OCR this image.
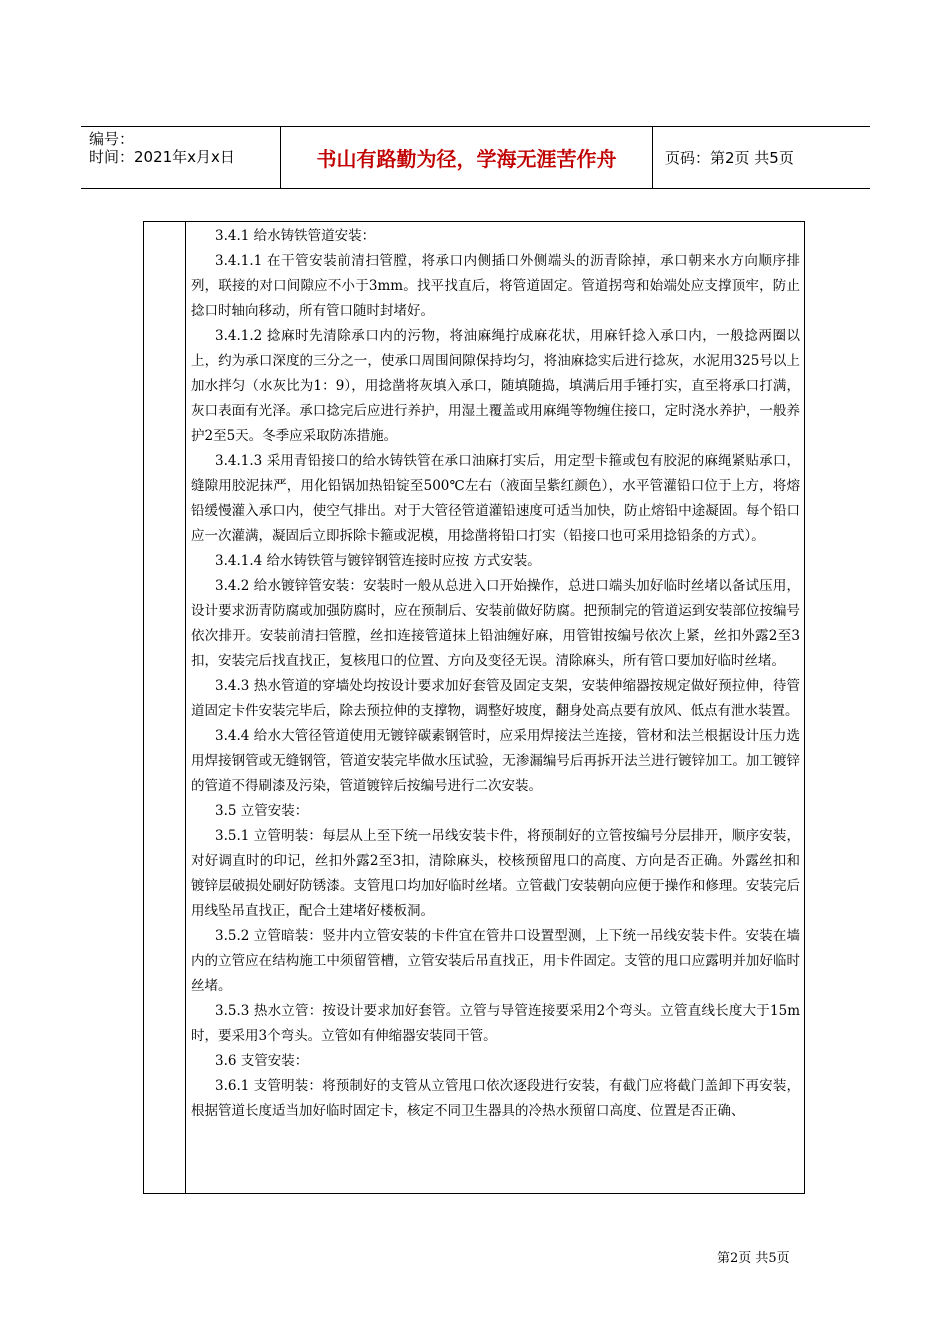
编号：
时间：2021年x月x日	书山有路勤为径，学海无涯苦作舟	页码：第2页 共5页

3.4.1 给水铸铁管道安装：

3.4.1.1 在干管安装前清扫管膛，将承口内侧插口外侧端头的沥青除掉，承口朝来水方向顺序排列，联接的对口间隙应不小于3mm。找平找直后，将管道固定。管道拐弯和始端处应支撑顶牢，防止捻口时轴向移动，所有管口随时封堵好。

3.4.1.2 捻麻时先清除承口内的污物，将油麻绳拧成麻花状，用麻钎捻入承口内，一般捻两圈以上，约为承口深度的三分之一，使承口周围间隙保持均匀，将油麻捻实后进行捻灰，水泥用325号以上加水拌匀（水灰比为1：9），用捻凿将灰填入承口，随填随捣，填满后用手锤打实，直至将承口打满，灰口表面有光泽。承口捻完后应进行养护，用湿土覆盖或用麻绳等物缠住接口，定时浇水养护，一般养护2至5天。冬季应采取防冻措施。

3.4.1.3 采用青铅接口的给水铸铁管在承口油麻打实后，用定型卡箍或包有胶泥的麻绳紧贴承口，缝隙用胶泥抹严，用化铅锅加热铅锭至500℃左右（液面呈紫红颜色），水平管灌铅口位于上方，将熔铅缓慢灌入承口内，使空气排出。对于大管径管道灌铅速度可适当加快，防止熔铅中途凝固。每个铅口应一次灌满，凝固后立即拆除卡箍或泥模，用捻凿将铅口打实（铅接口也可采用捻铅条的方式）。

3.4.1.4 给水铸铁管与镀锌钢管连接时应按 方式安装。

3.4.2 给水镀锌管安装：安装时一般从总进入口开始操作，总进口端头加好临时丝堵以备试压用，设计要求沥青防腐或加强防腐时，应在预制后、安装前做好防腐。把预制完的管道运到安装部位按编号依次排开。安装前清扫管膛，丝扣连接管道抹上铅油缠好麻，用管钳按编号依次上紧，丝扣外露2至3扣，安装完后找直找正，复核甩口的位置、方向及变径无误。清除麻头，所有管口要加好临时丝堵。

3.4.3 热水管道的穿墙处均按设计要求加好套管及固定支架，安装伸缩器按规定做好预拉伸，待管道固定卡件安装完毕后，除去预拉伸的支撑物，调整好坡度，翻身处高点要有放风、低点有泄水装置。

3.4.4 给水大管径管道使用无镀锌碳素钢管时，应采用焊接法兰连接，管材和法兰根据设计压力选用焊接钢管或无缝钢管，管道安装完毕做水压试验，无渗漏编号后再拆开法兰进行镀锌加工。加工镀锌的管道不得刷漆及污染，管道镀锌后按编号进行二次安装。

3.5 立管安装：

3.5.1 立管明装：每层从上至下统一吊线安装卡件，将预制好的立管按编号分层排开，顺序安装，对好调直时的印记，丝扣外露2至3扣，清除麻头，校核预留甩口的高度、方向是否正确。外露丝扣和镀锌层破损处刷好防锈漆。支管甩口均加好临时丝堵。立管截门安装朝向应便于操作和修理。安装完后用线坠吊直找正，配合土建堵好楼板洞。

3.5.2 立管暗装：竖井内立管安装的卡件宜在管井口设置型测，上下统一吊线安装卡件。安装在墙内的立管应在结构施工中须留管槽，立管安装后吊直找正，用卡件固定。支管的甩口应露明并加好临时丝堵。

3.5.3 热水立管：按设计要求加好套管。立管与导管连接要采用2个弯头。立管直线长度大于15m时，要采用3个弯头。立管如有伸缩器安装同干管。

3.6 支管安装：

3.6.1 支管明装：将预制好的支管从立管甩口依次逐段进行安装，有截门应将截门盖卸下再安装，根据管道长度适当加好临时固定卡，核定不同卫生器具的冷热水预留口高度、位置是否正确、

第2页 共5页
